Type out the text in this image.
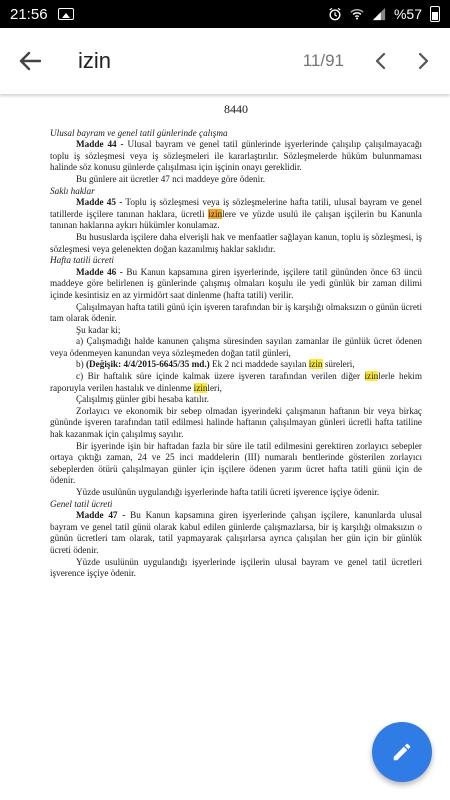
21:56	%57
izin	11/91
8440

Ulusal bayram ve genel tatil günlerinde çalışma

Madde 44 - Ulusal bayram ve genel tatil günlerinde işyerlerinde çalışılıp çalışılmayacağı toplu iş sözleşmesi veya iş sözleşmeleri ile kararlaştırılır. Sözleşmelerde hüküm bulunmaması halinde söz konusu günlerde çalışılması için işçinin onayı gereklidir.

Bu günlere ait ücretler 47 nci maddeye göre ödenir.

Saklı haklar

Madde 45 - Toplu iş sözleşmesi veya iş sözleşmelerine hafta tatili, ulusal bayram ve genel tatillerde işçilere tanınan haklara, ücretli izinlere ve yüzde usulü ile çalışan işçilerin bu Kanunla tanınan haklarına aykırı hükümler konulamaz.

Bu hususlarda işçilere daha elverişli hak ve menfaatler sağlayan kanun, toplu iş sözleşmesi, iş sözleşmesi veya gelenekten doğan kazanılmış haklar saklıdır.

Hafta tatili ücreti

Madde 46 - Bu Kanun kapsamına giren işyerlerinde, işçilere tatil gününden önce 63 üncü maddeye göre belirlenen iş günlerinde çalışmış olmaları koşulu ile yedi günlük bir zaman dilimi içinde kesintisiz en az yirmidört saat dinlenme (hafta tatili) verilir.

Çalışılmayan hafta tatili günü için işveren tarafından bir iş karşılığı olmaksızın o günün ücreti tam olarak ödenir.

Şu kadar ki;

a) Çalışmadığı halde kanunen çalışma süresinden sayılan zamanlar ile günlük ücret ödenen veya ödenmeyen kanundan veya sözleşmeden doğan tatil günleri,

b) (Değişik: 4/4/2015-6645/35 md.) Ek 2 nci maddede sayılan izin süreleri,

c) Bir haftalık süre içinde kalmak üzere işveren tarafından verilen diğer izinlerle hekim raporuyla verilen hastalık ve dinlenme izinleri,

Çalışılmış günler gibi hesaba katılır.

Zorlayıcı ve ekonomik bir sebep olmadan işyerindeki çalışmanın haftanın bir veya birkaç gününde işveren tarafından tatil edilmesi halinde haftanın çalışılmayan günleri ücretli hafta tatiline hak kazanmak için çalışılmış sayılır.

Bir işyerinde işin bir haftadan fazla bir süre ile tatil edilmesini gerektiren zorlayıcı sebepler ortaya çıktığı zaman, 24 ve 25 inci maddelerin (III) numaralı bentlerinde gösterilen zorlayıcı sebeplerden ötürü çalışılmayan günler için işçilere ödenen yarım ücret hafta tatili günü için de ödenir.

Yüzde usulünün uygulandığı işyerlerinde hafta tatili ücreti işverence işçiye ödenir.

Genel tatil ücreti

Madde 47 - Bu Kanun kapsamına giren işyerlerinde çalışan işçilere, kanunlarda ulusal bayram ve genel tatil günü olarak kabul edilen günlerde çalışmazlarsa, bir iş karşılığı olmaksızın o günün ücretleri tam olarak, tatil yapmayarak çalışırlarsa ayrıca çalışılan her gün için bir günlük ücreti ödenir.

Yüzde usulünün uygulandığı işyerlerinde işçilerin ulusal bayram ve genel tatil ücretleri işverence işçiye ödenir.
